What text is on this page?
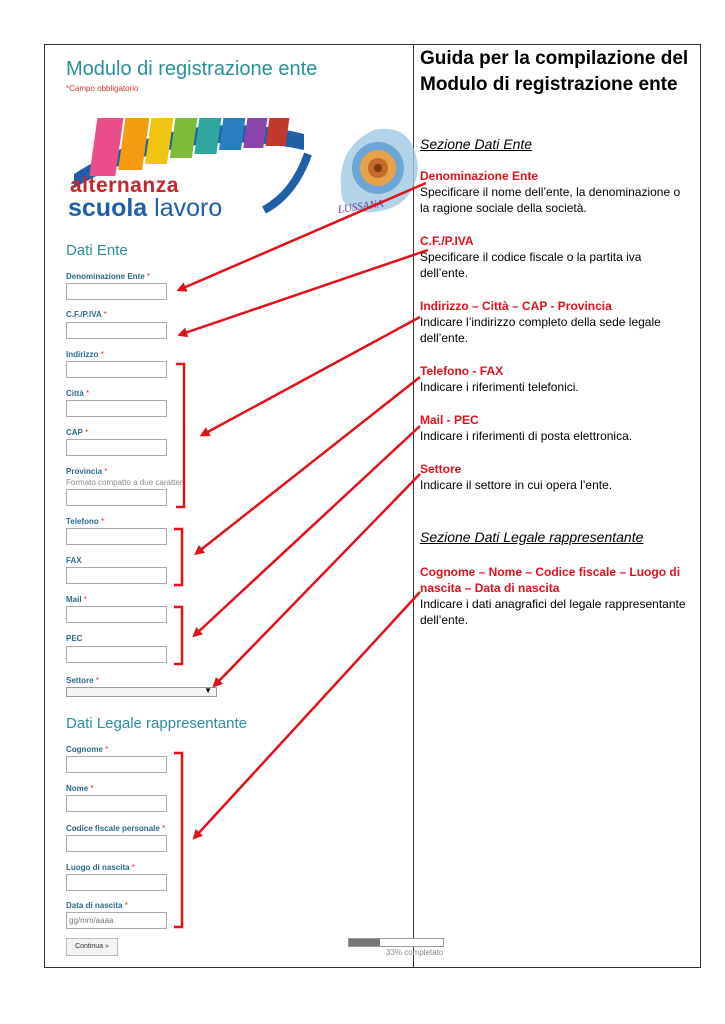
Modulo di registrazione ente
*Campo obbligatorio
alternanza
scuola lavoro	LUSSANA
Dati Ente
Denominazione Ente *
C.F./P.IVA *
Indirizzo *
Città *
CAP *
Provincia *
Formato compatto a due caratteri
Telefono *
FAX
Mail *
PEC
Settore *
▼
Dati Legale rappresentante
Cognome *
Nome *
Codice fiscale personale *
Luogo di nascita *
Data di nascita *
gg/mm/aaaa
Continua »
33% completato
Guida per la compilazione del Modulo di registrazione ente
Sezione Dati Ente
Denominazione Ente
Specificare il nome dell’ente, la denominazione o la ragione sociale della società.
C.F./P.IVA
Specificare il codice fiscale o la partita iva dell’ente.
Indirizzo – Città – CAP - Provincia
Indicare l’indirizzo completo della sede legale dell’ente.
Telefono - FAX
Indicare i riferimenti telefonici.
Mail - PEC
Indicare i riferimenti di posta elettronica.
Settore
Indicare il settore in cui opera l’ente.
Sezione Dati Legale rappresentante
Cognome – Nome – Codice fiscale – Luogo di nascita – Data di nascita
Indicare i dati anagrafici del legale rappresentante dell’ente.
